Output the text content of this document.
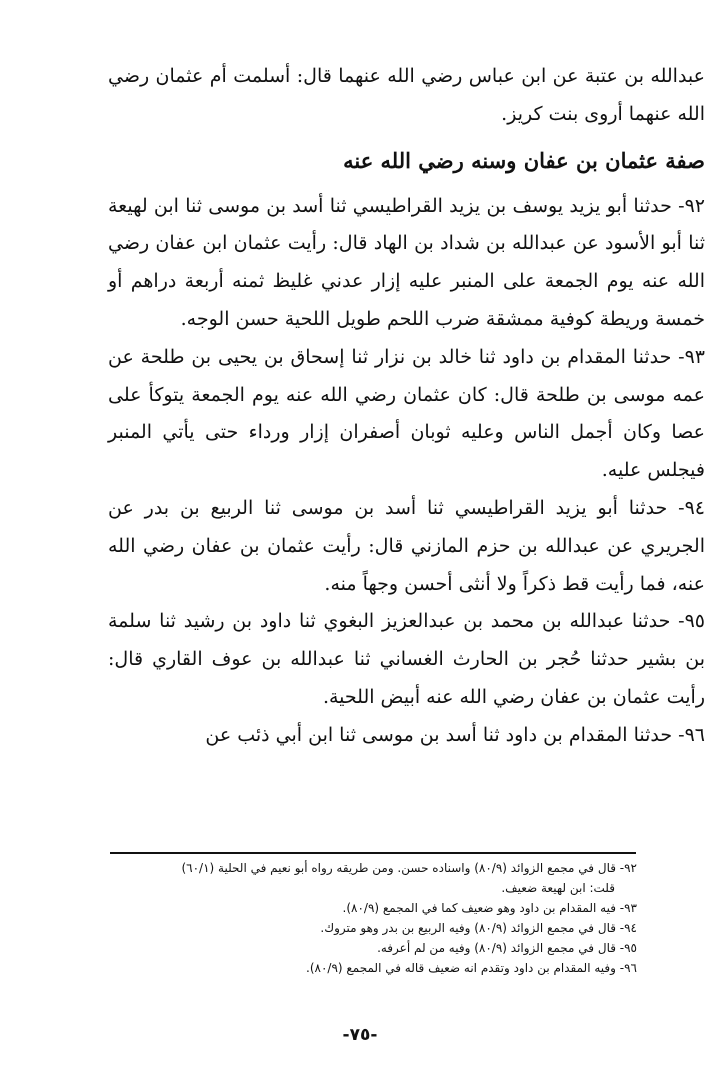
عبدالله بن عتبة عن ابن عباس رضي الله عنهما قال: أسلمت أم عثمان رضي الله عنهما أروى بنت كريز.

صفة عثمان بن عفان وسنه رضي الله عنه

٩٢- حدثنا أبو يزيد يوسف بن يزيد القراطيسي ثنا أسد بن موسى ثنا ابن لهيعة ثنا أبو الأسود عن عبدالله بن شداد بن الهاد قال: رأيت عثمان ابن عفان رضي الله عنه يوم الجمعة على المنبر عليه إزار عدني غليظ ثمنه أربعة دراهم أو خمسة وريطة كوفية ممشقة ضرب اللحم طويل اللحية حسن الوجه.

٩٣- حدثنا المقدام بن داود ثنا خالد بن نزار ثنا إسحاق بن يحيى بن طلحة عن عمه موسى بن طلحة قال: كان عثمان رضي الله عنه يوم الجمعة يتوكأ على عصا وكان أجمل الناس وعليه ثوبان أصفران إزار ورداء حتى يأتي المنبر فيجلس عليه.

٩٤- حدثنا أبو يزيد القراطيسي ثنا أسد بن موسى ثنا الربيع بن بدر عن الجريري عن عبدالله بن حزم المازني قال: رأيت عثمان بن عفان رضي الله عنه، فما رأيت قط ذكراً ولا أنثى أحسن وجهاً منه.

٩٥- حدثنا عبدالله بن محمد بن عبدالعزيز البغوي ثنا داود بن رشيد ثنا سلمة بن بشير حدثنا حُجر بن الحارث الغساني ثنا عبدالله بن عوف القاري قال: رأيت عثمان بن عفان رضي الله عنه أبيض اللحية.

٩٦- حدثنا المقدام بن داود ثنا أسد بن موسى ثنا ابن أبي ذئب عن

٩٢- قال في مجمع الزوائد (٨٠/٩) واسناده حسن. ومن طريقه رواه أبو نعيم في الحلية (٦٠/١)

قلت: ابن لهيعة ضعيف.

٩٣- فيه المقدام بن داود وهو ضعيف كما في المجمع (٨٠/٩).

٩٤- قال في مجمع الزوائد (٨٠/٩) وفيه الربيع بن بدر وهو متروك.

٩٥- قال في مجمع الزوائد (٨٠/٩) وفيه من لم أعرفه.

٩٦- وفيه المقدام بن داود وتقدم انه ضعيف قاله في المجمع (٨٠/٩).

-٧٥-
